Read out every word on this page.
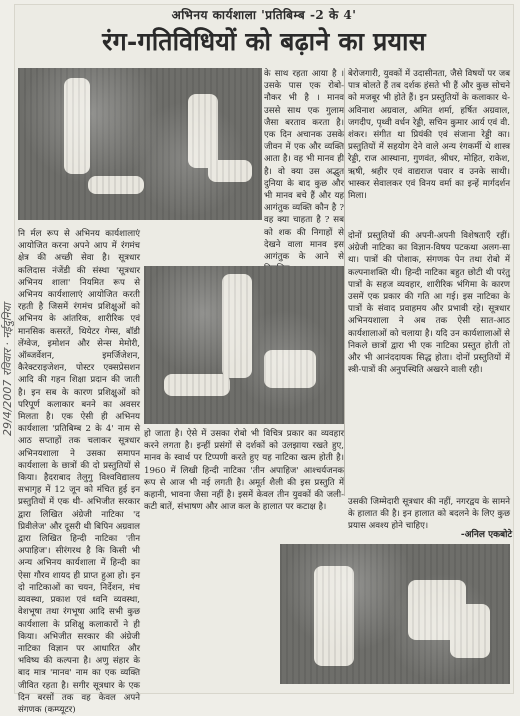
29/4/2007 रविवार · नईदुनिया
अभिनय कार्यशाला 'प्रतिबिम्ब -2 के 4'
रंग-गतिविधियों को बढ़ाने का प्रयास
के साथ रहता आया है । उसके पास एक रोबो-नौकर भी है । मानव उससे साथ एक गुलाम जैसा बरताव करता है। एक दिन अचानक उसके जीवन में एक और व्यक्ति आता है। वह भी मानव ही है। वो क्या उस अद्भुत दुनिया के बाद कुछ और भी मानव बचे हैं और यह आगंतुक व्यक्ति कौन है ? वह क्या चाहता है ? सब को शक की निगाहों से देखने वाला मानव इस आगंतुक के आने से
बेरोजगारी, युवकों में उदासीनता, जैसे विषयों पर जब पात्र बोलते हैं तब दर्शक हंसते भी हैं और कुछ सोचने को मजबूर भी होते हैं। इन प्रस्तुतियों के कलाकार थे- अविनाश अग्रवाल, अमित शर्मा, हर्षित अग्रवाल, जगदीप, पृथ्वी वर्धन रेड्डी, सचिन कुमार आर्य एवं वी. शंकर। संगीत था प्रियंकी एवं संजाना रेड्डी का। प्रस्तुतियों में सहयोग देने वाले अन्य रंगकर्मी थे शास्त्र रेड्डी, राज आस्थाना, गुणवंत, श्रीधर, मोहित, राकेश, ऋषी, श्रहीर एवं वाद्यराज पवार व उनके साथी। भास्कर सेवालकर एवं विनय वर्मा का इन्हें मार्गदर्शन मिला।
नि र्मल रूप से अभिनय कार्यशालाएं आयोजित करना अपने आप में रंगमंच क्षेत्र की अच्छी सेवा है। सूत्रधार कलिदास नंजेंडी की संस्था 'सूत्रधार अभिनय शाला' नियमित रूप से अभिनय कार्यशालाएं आयोजित करती रहती है जिसमें रंगमंच प्रशिक्षुओं को अभिनय के आंतरिक, शारीरिक एवं मानसिक कसरतें, थियेटर गेम्स, बॉडी लेंग्वेज, इमोशन और सेन्स मेमोरी, ऑब्जर्वेशन, इमर्जिजेशन, कैरेक्टराइजेशन, पोस्टर एक्सप्रेसशन आदि की गहन शिक्षा प्रदान की जाती है। इन सब के कारण प्रशिक्षुओं को परिपूर्ण कलाकार बनने का अवसर मिलता है। एक ऐसी ही अभिनय कार्यशाला 'प्रतिबिम्ब 2 के 4' नाम से आठ सप्ताहों तक चलाकर सूत्रधार अभिनयशाला ने उसका समापन कार्यशाला के छात्रों की दो प्रस्तुतियों से किया। हैदराबाद तेलुगु विश्वविद्यालय सभागृह में 12 जून को मंचित हुई इन प्रस्तुतियों में एक थी- अभिजीत सरकार द्वारा लिखित अंग्रेजी नाटिका 'द प्रिवीलेज' और दूसरी थी बिपिन अग्रवाल द्वारा लिखित हिन्दी नाटिका 'तीन अपाहिज'। सीरंगरथ है कि किसी भी अन्य अभिनय कार्यशाला में हिन्दी का ऐसा गौरव शायद ही प्राप्त हुआ हो। इन दो नाटिकाओं का चयन, निर्देशन, मंच व्यवस्था, प्रकाश एवं ध्वनि व्यवस्था, वेशभूषा तथा रंगभूषा आदि सभी कुछ कार्यशाला के प्रशिक्षु कलाकारों ने ही किया। अभिजीत सरकार की अंग्रेजी नाटिका विज्ञान पर आधारित और भविष्य की कल्पना है। अणु संहार के बाद मात्र 'मानव' नाम का एक व्यक्ति जीवित रहता है। सगीर सूत्रधार के एक दिन बरसों तक वह केवल अपने संगणक (कम्प्यूटर)
दोनों प्रस्तुतियों की अपनी-अपनी विशेषताएँ रहीं। अंग्रेजी नाटिका का विज्ञान-विषय पटकथा अलग-सा था। पात्रों की पोशाक, संगणक पेन तथा रोबो में कल्पनाशक्ति थी। हिन्दी नाटिका बहुत छोटी थी परंतु पात्रों के सहज व्यवहार, शारीरिक भंगिमा के कारण उसमें एक प्रकार की गति आ गई। इस नाटिका के पात्रों के संवाद प्रवाहमय और प्रभावी रहे। सूत्रधार अभिनयशाला ने अब तक ऐसी सात-आठ कार्यशालाओं को चलाया है। यदि उन कार्यशालाओं से निकले छात्रों द्वारा भी एक नाटिका प्रस्तुत होती तो और भी आनंददायक सिद्ध होता। दोनों प्रस्तुतियों में स्त्री-पात्रों की अनुपस्थिति अखरने वाली रही।
हो जाता है। ऐसे में उसका रोबो भी विचित्र प्रकार का व्यवहार करने लगता है। इन्हीं प्रसंगों से दर्शकों को उलझाया रखते हुए, मानव के स्वार्थ पर टिप्पणी करते हुए यह नाटिका खत्म होती है। 1960 में लिखी हिन्दी नाटिका 'तीन अपाहिज' आश्चर्यजनक रूप से आज भी नई लगती है। अमूर्त शैली की इस प्रस्तुति में कहानी, भावना जैसा नहीं है। इसमें केवल तीन युवकों की जली-कटी बातें, संभाषण और आज कल के हालात पर कटाक्ष है।
उसकी जिम्मेदारी सूत्रधार की नहीं, नगरद्वय के सामने के हालात की है। इन हालात को बदलने के लिए कुछ प्रयास अवश्य होने चाहिए।
-अनिल एकबोटे
